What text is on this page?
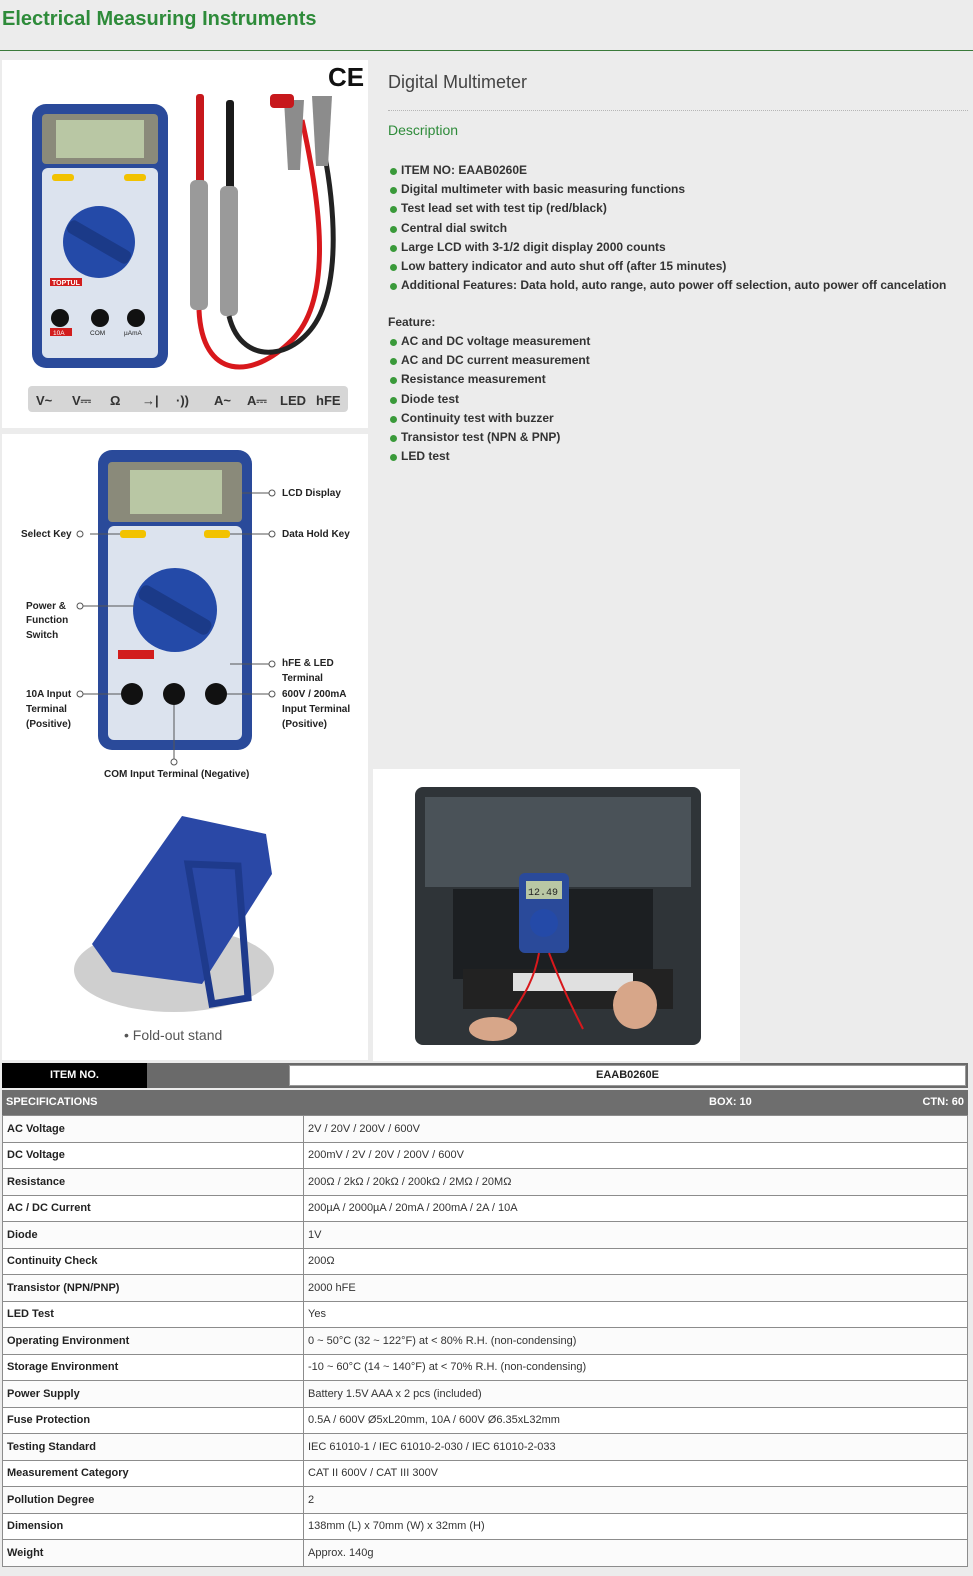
Electrical Measuring Instruments
CE
TOPTUL
10A	COM	µAmA
V~ V⎓ Ω →| ·)) A~ A⎓ LED hFE
LCD Display
Select Key	Data Hold Key
Power &
Function
Switch
hFE & LED
Terminal
10A Input
Terminal
(Positive)
600V / 200mA
Input Terminal
(Positive)
COM Input Terminal (Negative)
• Fold-out stand
12.49
Digital Multimeter
Description
ITEM NO: EAAB0260E
Digital multimeter with basic measuring functions
Test lead set with test tip (red/black)
Central dial switch
Large LCD with 3-1/2 digit display 2000 counts
Low battery indicator and auto shut off (after 15 minutes)
Additional Features: Data hold, auto range, auto power off selection, auto power off cancelation
Feature:
AC and DC voltage measurement
AC and DC current measurement
Resistance measurement
Diode test
Continuity test with buzzer
Transistor test (NPN & PNP)
LED test
ITEM NO.	EAAB0260E
SPECIFICATIONS	BOX: 10	CTN: 60
AC Voltage	2V / 20V / 200V / 600V
DC Voltage	200mV / 2V / 20V / 200V / 600V
Resistance	200Ω / 2kΩ / 20kΩ / 200kΩ / 2MΩ / 20MΩ
AC / DC Current	200µA / 2000µA / 20mA / 200mA / 2A / 10A
Diode	1V
Continuity Check	200Ω
Transistor (NPN/PNP)	2000 hFE
LED Test	Yes
Operating Environment	0 ~ 50°C (32 ~ 122°F) at < 80% R.H. (non-condensing)
Storage Environment	-10 ~ 60°C (14 ~ 140°F) at < 70% R.H. (non-condensing)
Power Supply	Battery 1.5V AAA x 2 pcs (included)
Fuse Protection	0.5A / 600V Ø5xL20mm, 10A / 600V Ø6.35xL32mm
Testing Standard	IEC 61010-1 / IEC 61010-2-030 / IEC 61010-2-033
Measurement Category	CAT II 600V / CAT III 300V
Pollution Degree	2
Dimension	138mm (L) x 70mm (W) x 32mm (H)
Weight	Approx. 140g
